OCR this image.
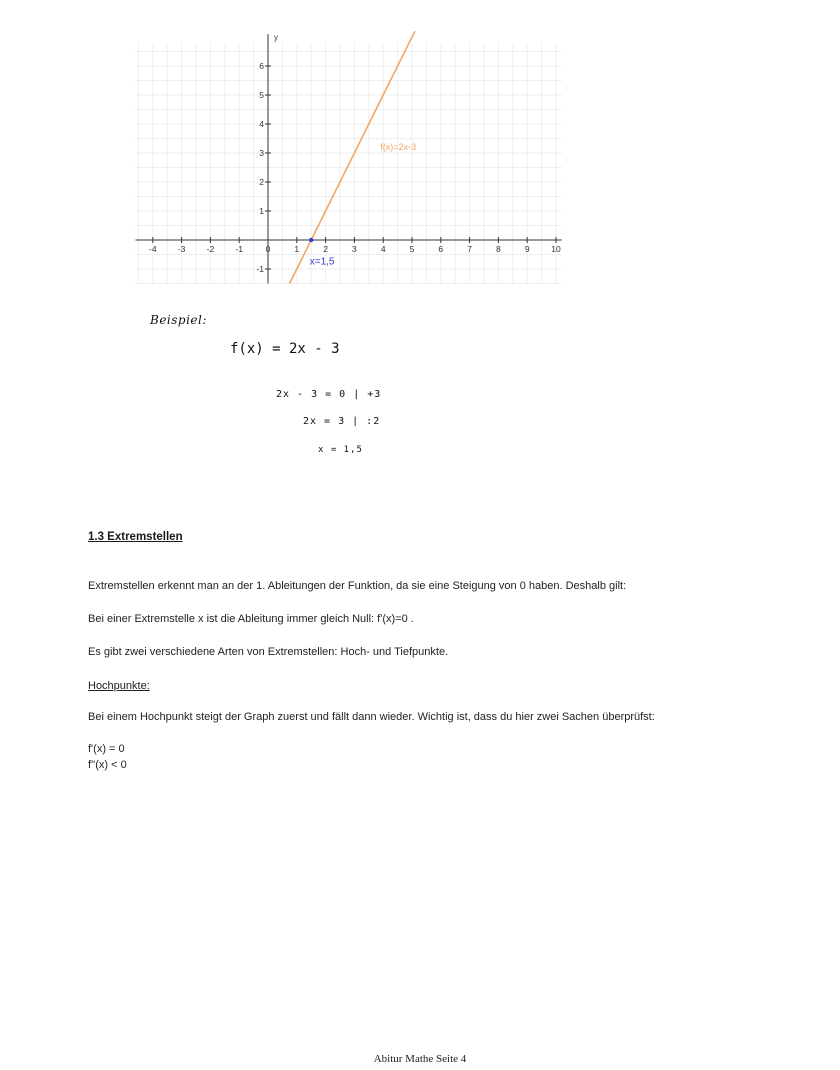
y
-4 -3 -2 -1	0	1	2	3	4	5	6	7	8	9	10
6
5
4
3
2
1
-1
f(x)=2x-3
x=1,5
Beispiel:
f(x) = 2x - 3
2x - 3 = 0 | +3
2x = 3 | :2
x = 1,5
1.3 Extremstellen
Extremstellen erkennt man an der 1. Ableitungen der Funktion, da sie eine Steigung von 0 haben. Deshalb gilt:
Bei einer Extremstelle x ist die Ableitung immer gleich Null: f'(x)=0 .
Es gibt zwei verschiedene Arten von Extremstellen: Hoch- und Tiefpunkte.
Hochpunkte:
Bei einem Hochpunkt steigt der Graph zuerst und fällt dann wieder. Wichtig ist, dass du hier zwei Sachen überprüfst:
f'(x) = 0
f''(x) < 0
Abitur Mathe Seite 4
